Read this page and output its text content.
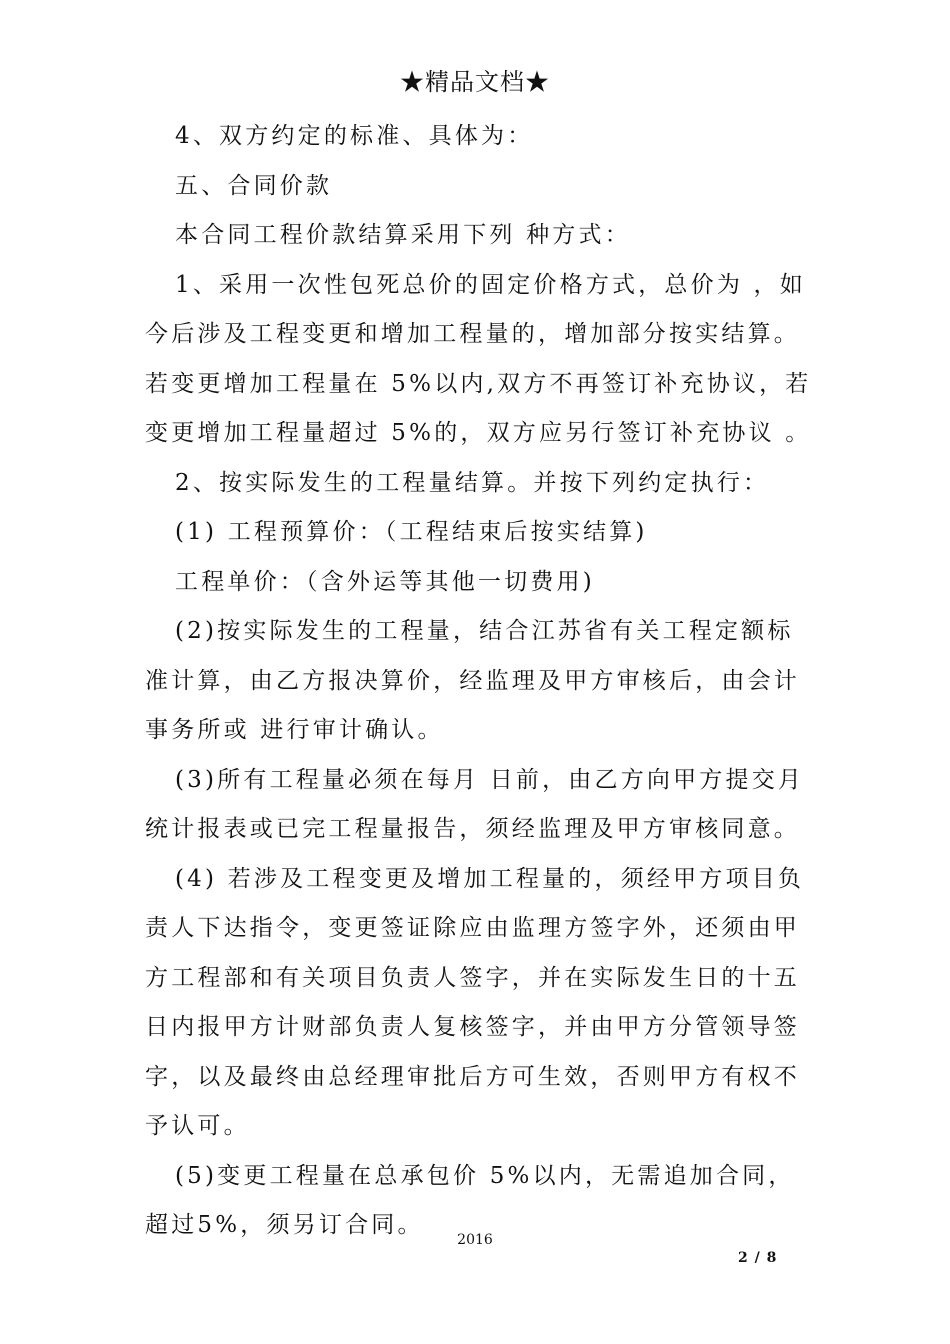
★精品文档★

4、双方约定的标准、具体为：

五、合同价款

本合同工程价款结算采用下列 种方式：

1、采用一次性包死总价的固定价格方式，总价为 ，如今后涉及工程变更和增加工程量的，增加部分按实结算。若变更增加工程量在 5%以内,双方不再签订补充协议，若变更增加工程量超过 5%的，双方应另行签订补充协议 。

2、按实际发生的工程量结算。并按下列约定执行：

(1) 工程预算价：（工程结束后按实结算)

工程单价：（含外运等其他一切费用)

(2)按实际发生的工程量，结合江苏省有关工程定额标准计算，由乙方报决算价，经监理及甲方审核后，由会计事务所或 进行审计确认。

(3)所有工程量必须在每月 日前，由乙方向甲方提交月统计报表或已完工程量报告，须经监理及甲方审核同意。

(4) 若涉及工程变更及增加工程量的，须经甲方项目负责人下达指令，变更签证除应由监理方签字外，还须由甲方工程部和有关项目负责人签字，并在实际发生日的十五日内报甲方计财部负责人复核签字，并由甲方分管领导签字，以及最终由总经理审批后方可生效，否则甲方有权不予认可。

(5)变更工程量在总承包价 5%以内，无需追加合同，超过5%，须另订合同。

2016
2 / 8
